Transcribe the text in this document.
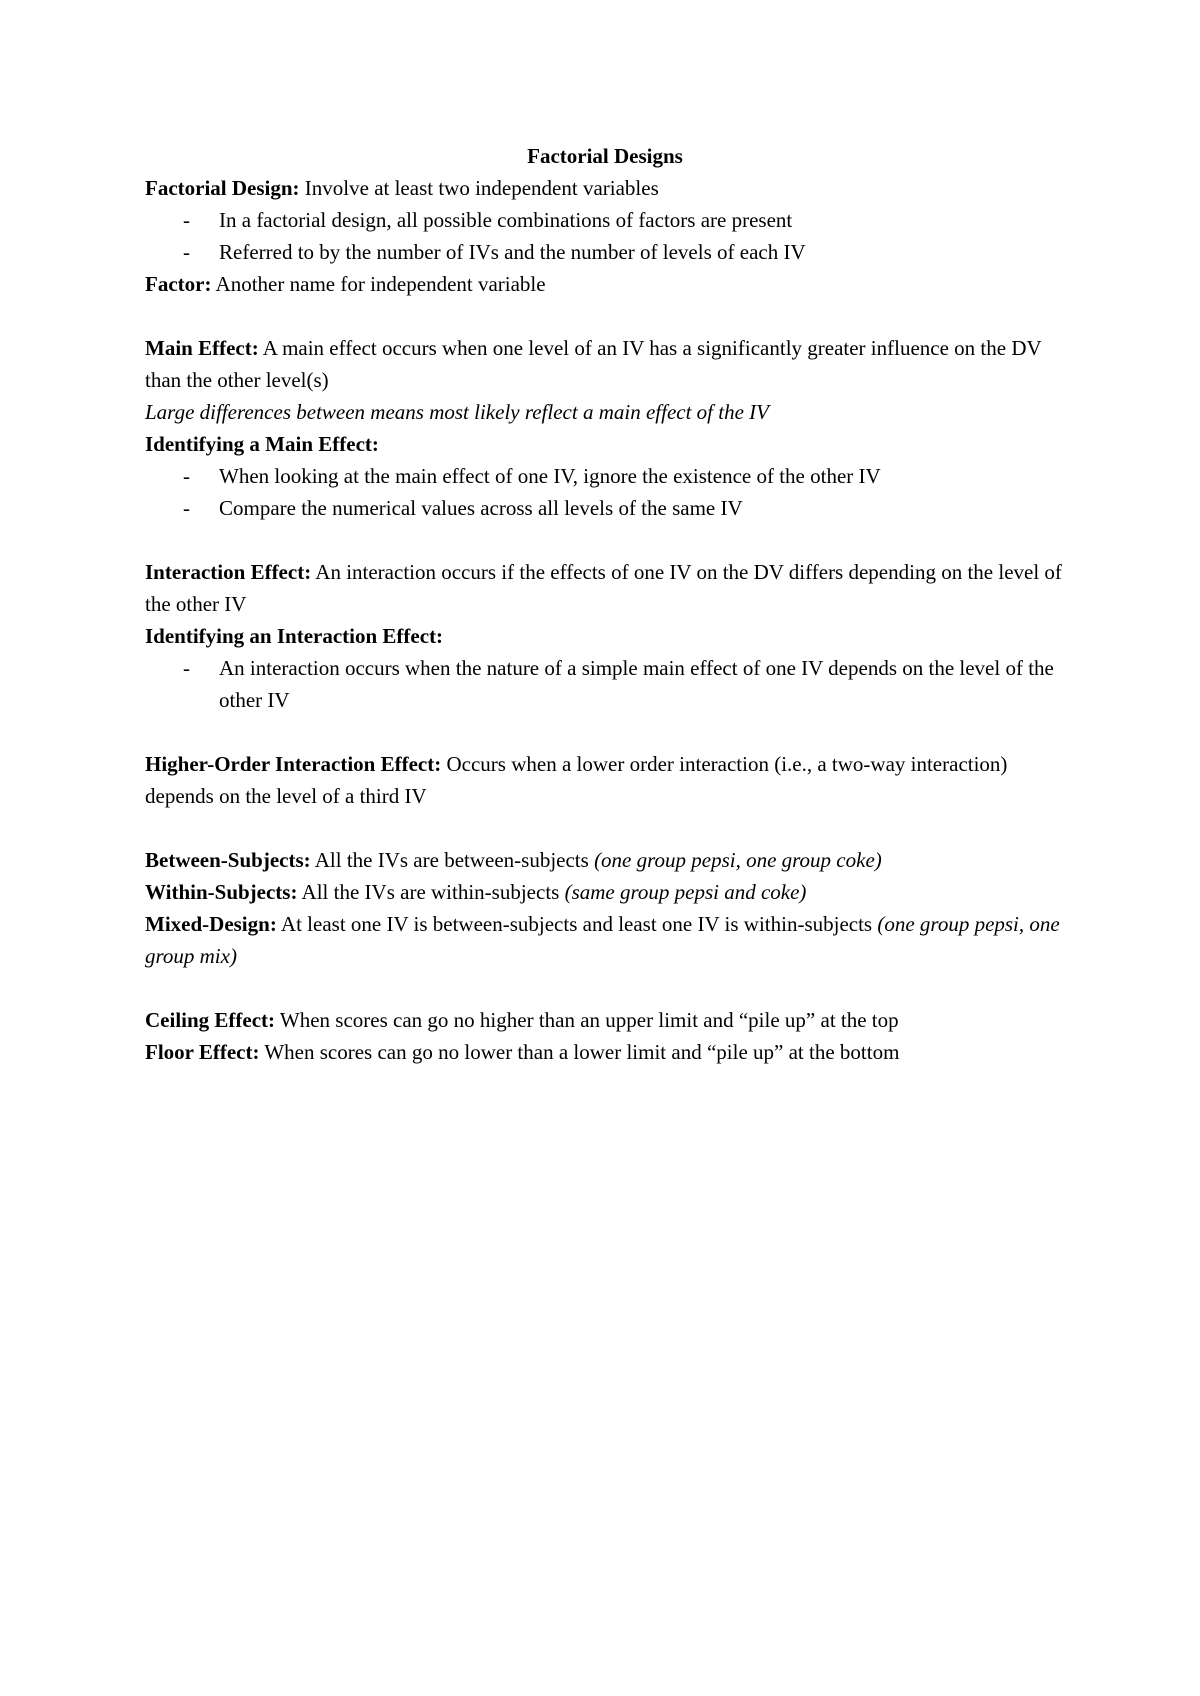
Factorial Designs

Factorial Design: Involve at least two independent variables

- In a factorial design, all possible combinations of factors are present
- Referred to by the number of IVs and the number of levels of each IV

Factor: Another name for independent variable

Main Effect: A main effect occurs when one level of an IV has a significantly greater influence on the DV than the other level(s)

Large differences between means most likely reflect a main effect of the IV

Identifying a Main Effect:

- When looking at the main effect of one IV, ignore the existence of the other IV
- Compare the numerical values across all levels of the same IV

Interaction Effect: An interaction occurs if the effects of one IV on the DV differs depending on the level of the other IV

Identifying an Interaction Effect:

- An interaction occurs when the nature of a simple main effect of one IV depends on the level of the other IV

Higher-Order Interaction Effect: Occurs when a lower order interaction (i.e., a two-way interaction) depends on the level of a third IV

Between-Subjects: All the IVs are between-subjects (one group pepsi, one group coke)

Within-Subjects: All the IVs are within-subjects (same group pepsi and coke)

Mixed-Design: At least one IV is between-subjects and least one IV is within-subjects (one group pepsi, one group mix)

Ceiling Effect: When scores can go no higher than an upper limit and “pile up” at the top

Floor Effect: When scores can go no lower than a lower limit and “pile up” at the bottom
